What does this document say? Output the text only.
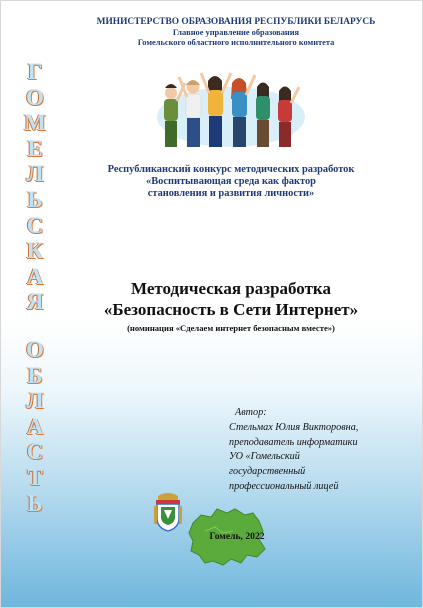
Г
О
М
Е
Л
Ь
С
К
А
Я
О
Б
Л
А
С
Т
Ь
МИНИСТЕРСТВО ОБРАЗОВАНИЯ РЕСПУБЛИКИ БЕЛАРУСЬ
Главное управление образования
Гомельского областного исполнительного комитета
Республиканский конкурс методических разработок
«Воспитывающая среда как фактор
становления и развития личности»
Методическая разработка
«Безопасность в Сети Интернет»
(номинация «Сделаем интернет безопасным вместе»)
Автор:
Стельмах Юлия Викторовна,
преподаватель информатики
УО «Гомельский
государственный
профессиональный лицей
Гомель, 2022
